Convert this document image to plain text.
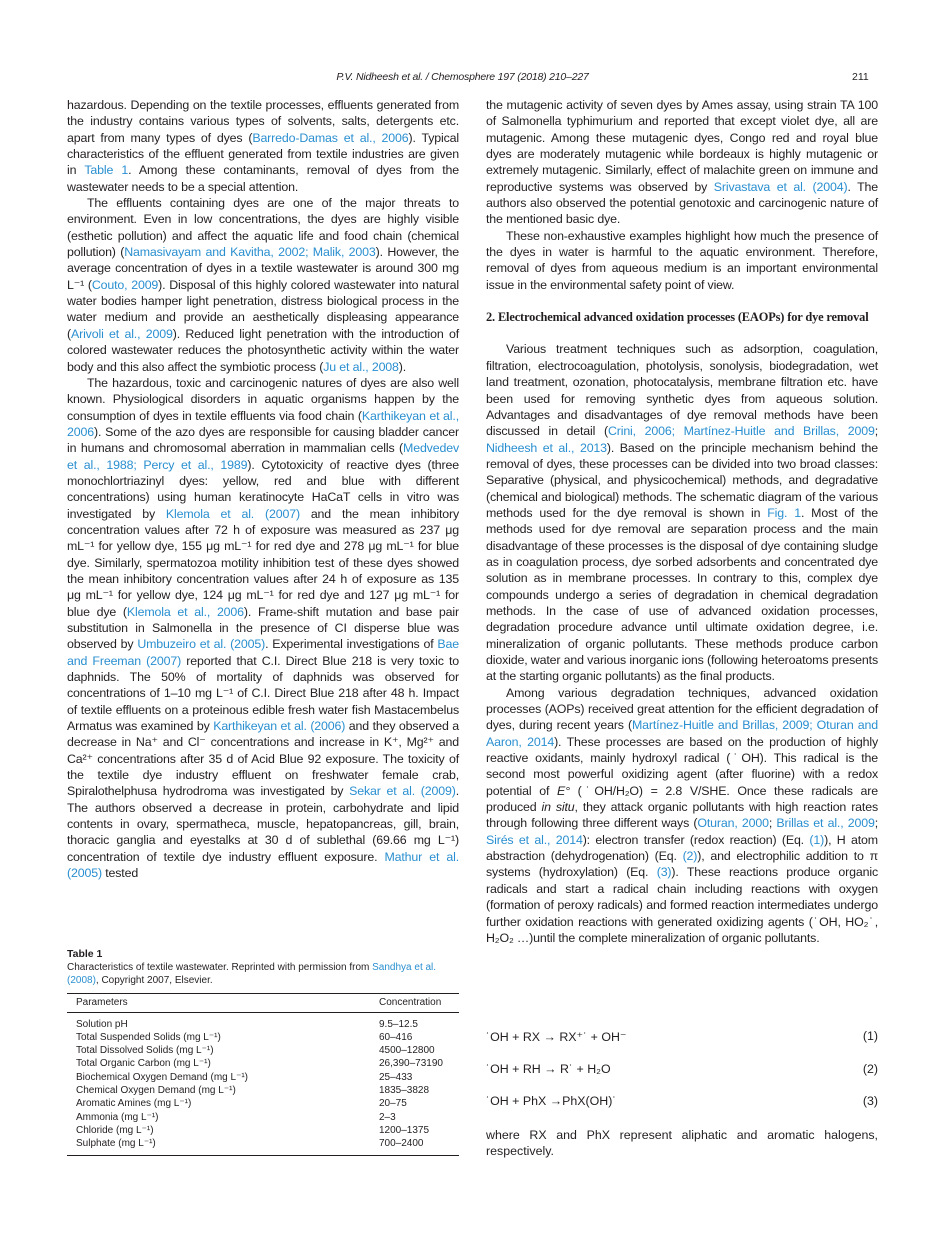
P.V. Nidheesh et al. / Chemosphere 197 (2018) 210–227	211

hazardous. Depending on the textile processes, effluents generated from the industry contains various types of solvents, salts, detergents etc. apart from many types of dyes (Barredo-Damas et al., 2006). Typical characteristics of the effluent generated from textile industries are given in Table 1. Among these contaminants, removal of dyes from the wastewater needs to be a special attention.

The effluents containing dyes are one of the major threats to environment. Even in low concentrations, the dyes are highly visible (esthetic pollution) and affect the aquatic life and food chain (chemical pollution) (Namasivayam and Kavitha, 2002; Malik, 2003). However, the average concentration of dyes in a textile wastewater is around 300 mg L⁻¹ (Couto, 2009). Disposal of this highly colored wastewater into natural water bodies hamper light penetration, distress biological process in the water medium and provide an aesthetically displeasing appearance (Arivoli et al., 2009). Reduced light penetration with the introduction of colored wastewater reduces the photosynthetic activity within the water body and this also affect the symbiotic process (Ju et al., 2008).

The hazardous, toxic and carcinogenic natures of dyes are also well known. Physiological disorders in aquatic organisms happen by the consumption of dyes in textile effluents via food chain (Karthikeyan et al., 2006). Some of the azo dyes are responsible for causing bladder cancer in humans and chromosomal aberration in mammalian cells (Medvedev et al., 1988; Percy et al., 1989). Cytotoxicity of reactive dyes (three monochlortriazinyl dyes: yellow, red and blue with different concentrations) using human keratinocyte HaCaT cells in vitro was investigated by Klemola et al. (2007) and the mean inhibitory concentration values after 72 h of exposure was measured as 237 μg mL⁻¹ for yellow dye, 155 μg mL⁻¹ for red dye and 278 μg mL⁻¹ for blue dye. Similarly, spermatozoa motility inhibition test of these dyes showed the mean inhibitory concentration values after 24 h of exposure as 135 μg mL⁻¹ for yellow dye, 124 μg mL⁻¹ for red dye and 127 μg mL⁻¹ for blue dye (Klemola et al., 2006). Frame-shift mutation and base pair substitution in Salmonella in the presence of CI disperse blue was observed by Umbuzeiro et al. (2005). Experimental investigations of Bae and Freeman (2007) reported that C.I. Direct Blue 218 is very toxic to daphnids. The 50% of mortality of daphnids was observed for concentrations of 1–10 mg L⁻¹ of C.I. Direct Blue 218 after 48 h. Impact of textile effluents on a proteinous edible fresh water fish Mastacembelus Armatus was examined by Karthikeyan et al. (2006) and they observed a decrease in Na⁺ and Cl⁻ concentrations and increase in K⁺, Mg²⁺ and Ca²⁺ concentrations after 35 d of Acid Blue 92 exposure. The toxicity of the textile dye industry effluent on freshwater female crab, Spiralothelphusa hydrodroma was investigated by Sekar et al. (2009). The authors observed a decrease in protein, carbohydrate and lipid contents in ovary, spermatheca, muscle, hepatopancreas, gill, brain, thoracic ganglia and eyestalks at 30 d of sublethal (69.66 mg L⁻¹) concentration of textile dye industry effluent exposure. Mathur et al. (2005) tested

Table 1
Characteristics of textile wastewater. Reprinted with permission from Sandhya et al. (2008), Copyright 2007, Elsevier.
Parameters	Concentration
Solution pH	9.5–12.5
Total Suspended Solids (mg L⁻¹)	60–416
Total Dissolved Solids (mg L⁻¹)	4500–12800
Total Organic Carbon (mg L⁻¹)	26,390–73190
Biochemical Oxygen Demand (mg L⁻¹)	25–433
Chemical Oxygen Demand (mg L⁻¹)	1835–3828
Aromatic Amines (mg L⁻¹)	20–75
Ammonia (mg L⁻¹)	2–3
Chloride (mg L⁻¹)	1200–1375
Sulphate (mg L⁻¹)	700–2400

the mutagenic activity of seven dyes by Ames assay, using strain TA 100 of Salmonella typhimurium and reported that except violet dye, all are mutagenic. Among these mutagenic dyes, Congo red and royal blue dyes are moderately mutagenic while bordeaux is highly mutagenic or extremely mutagenic. Similarly, effect of malachite green on immune and reproductive systems was observed by Srivastava et al. (2004). The authors also observed the potential genotoxic and carcinogenic nature of the mentioned basic dye.

These non-exhaustive examples highlight how much the presence of the dyes in water is harmful to the aquatic environment. Therefore, removal of dyes from aqueous medium is an important environmental issue in the environmental safety point of view.

2. Electrochemical advanced oxidation processes (EAOPs) for dye removal

Various treatment techniques such as adsorption, coagulation, filtration, electrocoagulation, photolysis, sonolysis, biodegradation, wet land treatment, ozonation, photocatalysis, membrane filtration etc. have been used for removing synthetic dyes from aqueous solution. Advantages and disadvantages of dye removal methods have been discussed in detail (Crini, 2006; Martínez-Huitle and Brillas, 2009; Nidheesh et al., 2013). Based on the principle mechanism behind the removal of dyes, these processes can be divided into two broad classes: Separative (physical, and physicochemical) methods, and degradative (chemical and biological) methods. The schematic diagram of the various methods used for the dye removal is shown in Fig. 1. Most of the methods used for dye removal are separation process and the main disadvantage of these processes is the disposal of dye containing sludge as in coagulation process, dye sorbed adsorbents and concentrated dye solution as in membrane processes. In contrary to this, complex dye compounds undergo a series of degradation in chemical degradation methods. In the case of use of advanced oxidation processes, degradation procedure advance until ultimate oxidation degree, i.e. mineralization of organic pollutants. These methods produce carbon dioxide, water and various inorganic ions (following heteroatoms presents at the starting organic pollutants) as the final products.

Among various degradation techniques, advanced oxidation processes (AOPs) received great attention for the efficient degradation of dyes, during recent years (Martínez-Huitle and Brillas, 2009; Oturan and Aaron, 2014). These processes are based on the production of highly reactive oxidants, mainly hydroxyl radical (˙OH). This radical is the second most powerful oxidizing agent (after fluorine) with a redox potential of E° (˙OH/H₂O) = 2.8 V/SHE. Once these radicals are produced in situ, they attack organic pollutants with high reaction rates through following three different ways (Oturan, 2000; Brillas et al., 2009; Sirés et al., 2014): electron transfer (redox reaction) (Eq. (1)), H atom abstraction (dehydrogenation) (Eq. (2)), and electrophilic addition to π systems (hydroxylation) (Eq. (3)). These reactions produce organic radicals and start a radical chain including reactions with oxygen (formation of peroxy radicals) and formed reaction intermediates undergo further oxidation reactions with generated oxidizing agents (˙OH, HO₂˙, H₂O₂ …)until the complete mineralization of organic pollutants.

˙OH + RX → RX⁺˙ + OH⁻	(1)
˙OH + RH → R˙ + H₂O	(2)
˙OH + PhX →PhX(OH)˙	(3)
where RX and PhX represent aliphatic and aromatic halogens, respectively.
